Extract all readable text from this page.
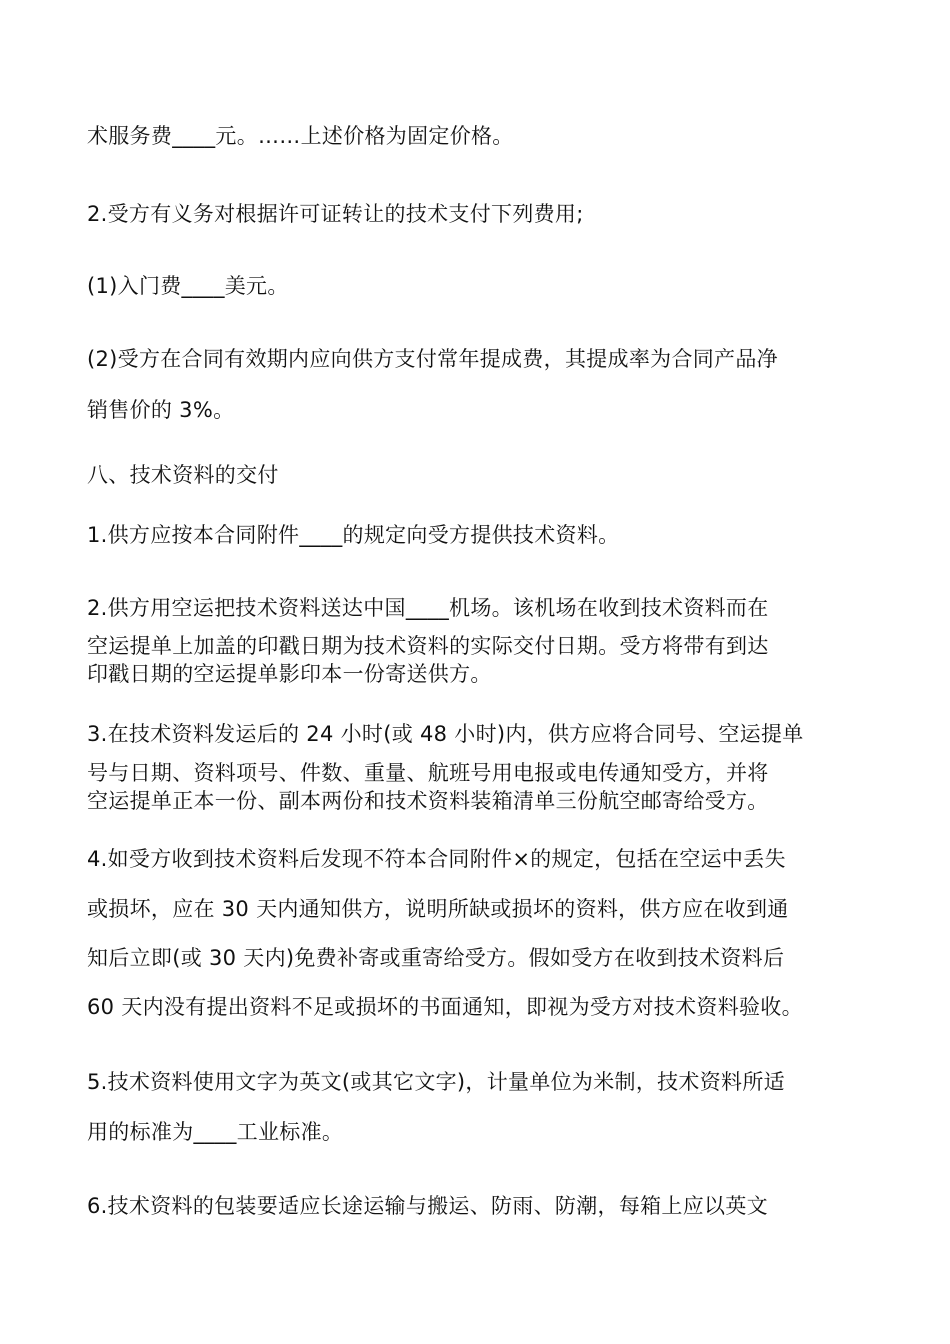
术服务费____元。……上述价格为固定价格。
2.受方有义务对根据许可证转让的技术支付下列费用;
(1)入门费____美元。
(2)受方在合同有效期内应向供方支付常年提成费，其提成率为合同产品净
销售价的 3%。
八、技术资料的交付
1.供方应按本合同附件____的规定向受方提供技术资料。
2.供方用空运把技术资料送达中国____机场。该机场在收到技术资料而在
空运提单上加盖的印戳日期为技术资料的实际交付日期。受方将带有到达
印戳日期的空运提单影印本一份寄送供方。
3.在技术资料发运后的 24 小时(或 48 小时)内，供方应将合同号、空运提单
号与日期、资料项号、件数、重量、航班号用电报或电传通知受方，并将
空运提单正本一份、副本两份和技术资料装箱清单三份航空邮寄给受方。
4.如受方收到技术资料后发现不符本合同附件×的规定，包括在空运中丢失
或损坏，应在 30 天内通知供方，说明所缺或损坏的资料，供方应在收到通
知后立即(或 30 天内)免费补寄或重寄给受方。假如受方在收到技术资料后
60 天内没有提出资料不足或损坏的书面通知，即视为受方对技术资料验收。
5.技术资料使用文字为英文(或其它文字)，计量单位为米制，技术资料所适
用的标准为____工业标准。
6.技术资料的包装要适应长途运输与搬运、防雨、防潮，每箱上应以英文
